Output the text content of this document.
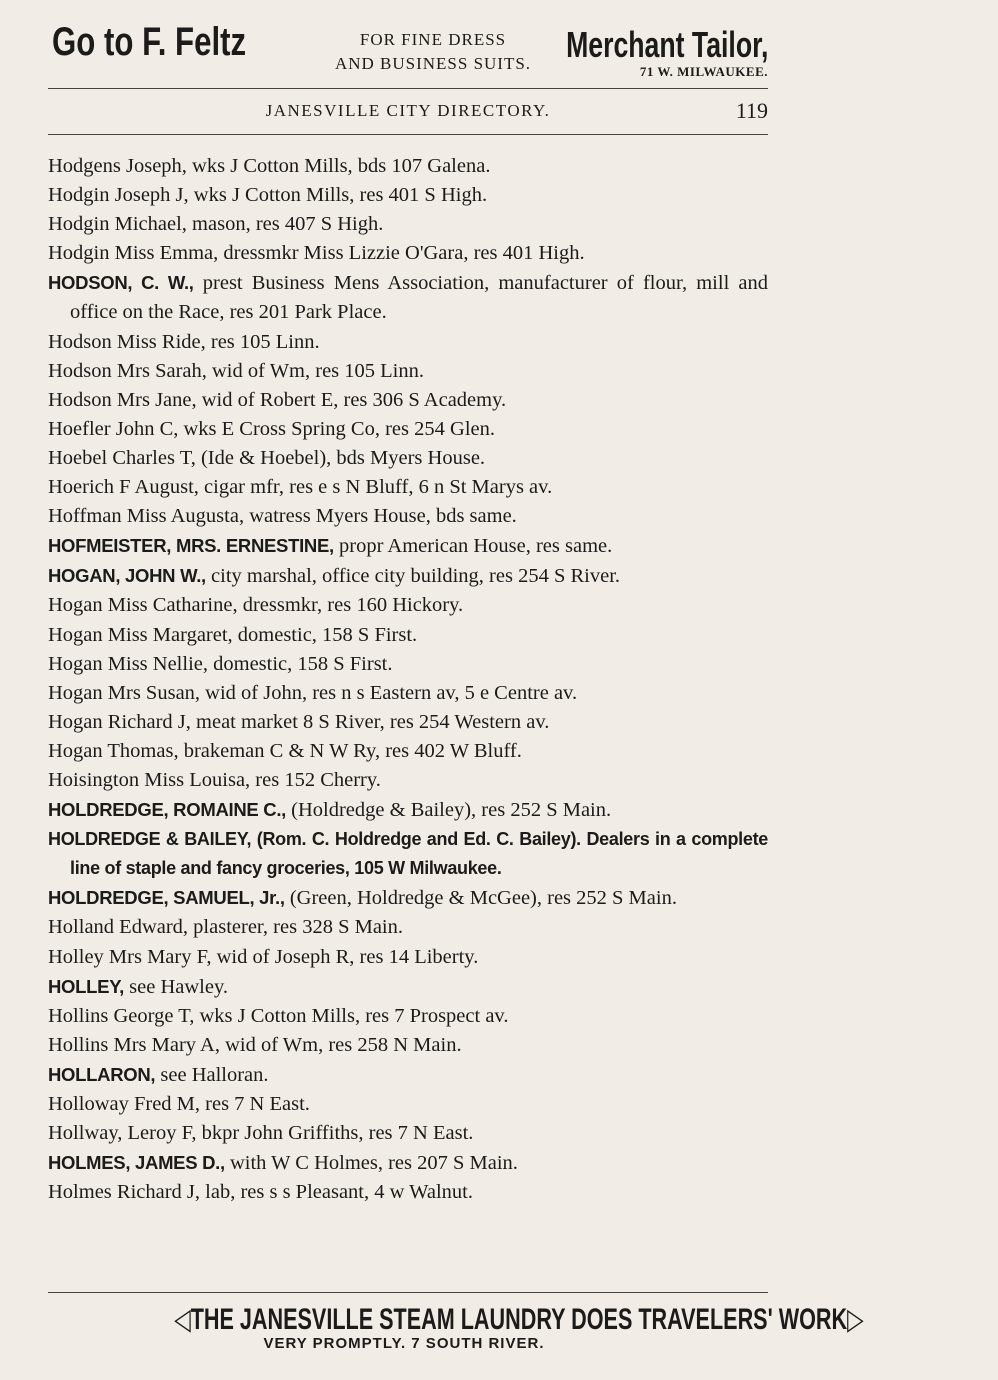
Go to F. Feltz	FOR FINE DRESS
AND BUSINESS SUITS. Merchant Tailor,
71 W. MILWAUKEE.
JANESVILLE CITY DIRECTORY.	119
Hodgens Joseph, wks J Cotton Mills, bds 107 Galena.
Hodgin Joseph J, wks J Cotton Mills, res 401 S High.
Hodgin Michael, mason, res 407 S High.
Hodgin Miss Emma, dressmkr Miss Lizzie O'Gara, res 401 High.
HODSON, C. W., prest Business Mens Association, manufacturer of flour, mill and office on the Race, res 201 Park Place.
Hodson Miss Ride, res 105 Linn.
Hodson Mrs Sarah, wid of Wm, res 105 Linn.
Hodson Mrs Jane, wid of Robert E, res 306 S Academy.
Hoefler John C, wks E Cross Spring Co, res 254 Glen.
Hoebel Charles T, (Ide & Hoebel), bds Myers House.
Hoerich F August, cigar mfr, res e s N Bluff, 6 n St Marys av.
Hoffman Miss Augusta, watress Myers House, bds same.
HOFMEISTER, MRS. ERNESTINE, propr American House, res same.
HOGAN, JOHN W., city marshal, office city building, res 254 S River.
Hogan Miss Catharine, dressmkr, res 160 Hickory.
Hogan Miss Margaret, domestic, 158 S First.
Hogan Miss Nellie, domestic, 158 S First.
Hogan Mrs Susan, wid of John, res n s Eastern av, 5 e Centre av.
Hogan Richard J, meat market 8 S River, res 254 Western av.
Hogan Thomas, brakeman C & N W Ry, res 402 W Bluff.
Hoisington Miss Louisa, res 152 Cherry.
HOLDREDGE, ROMAINE C., (Holdredge & Bailey), res 252 S Main.
HOLDREDGE & BAILEY, (Rom. C. Holdredge and Ed. C. Bailey). Dealers in a complete line of staple and fancy groceries, 105 W Milwaukee.
HOLDREDGE, SAMUEL, Jr., (Green, Holdredge & McGee), res 252 S Main.
Holland Edward, plasterer, res 328 S Main.
Holley Mrs Mary F, wid of Joseph R, res 14 Liberty.
HOLLEY, see Hawley.
Hollins George T, wks J Cotton Mills, res 7 Prospect av.
Hollins Mrs Mary A, wid of Wm, res 258 N Main.
HOLLARON, see Halloran.
Holloway Fred M, res 7 N East.
Hollway, Leroy F, bkpr John Griffiths, res 7 N East.
HOLMES, JAMES D., with W C Holmes, res 207 S Main.
Holmes Richard J, lab, res s s Pleasant, 4 w Walnut.
◁THE JANESVILLE STEAM LAUNDRY DOES TRAVELERS' WORK▷
VERY PROMPTLY. 7 SOUTH RIVER.
